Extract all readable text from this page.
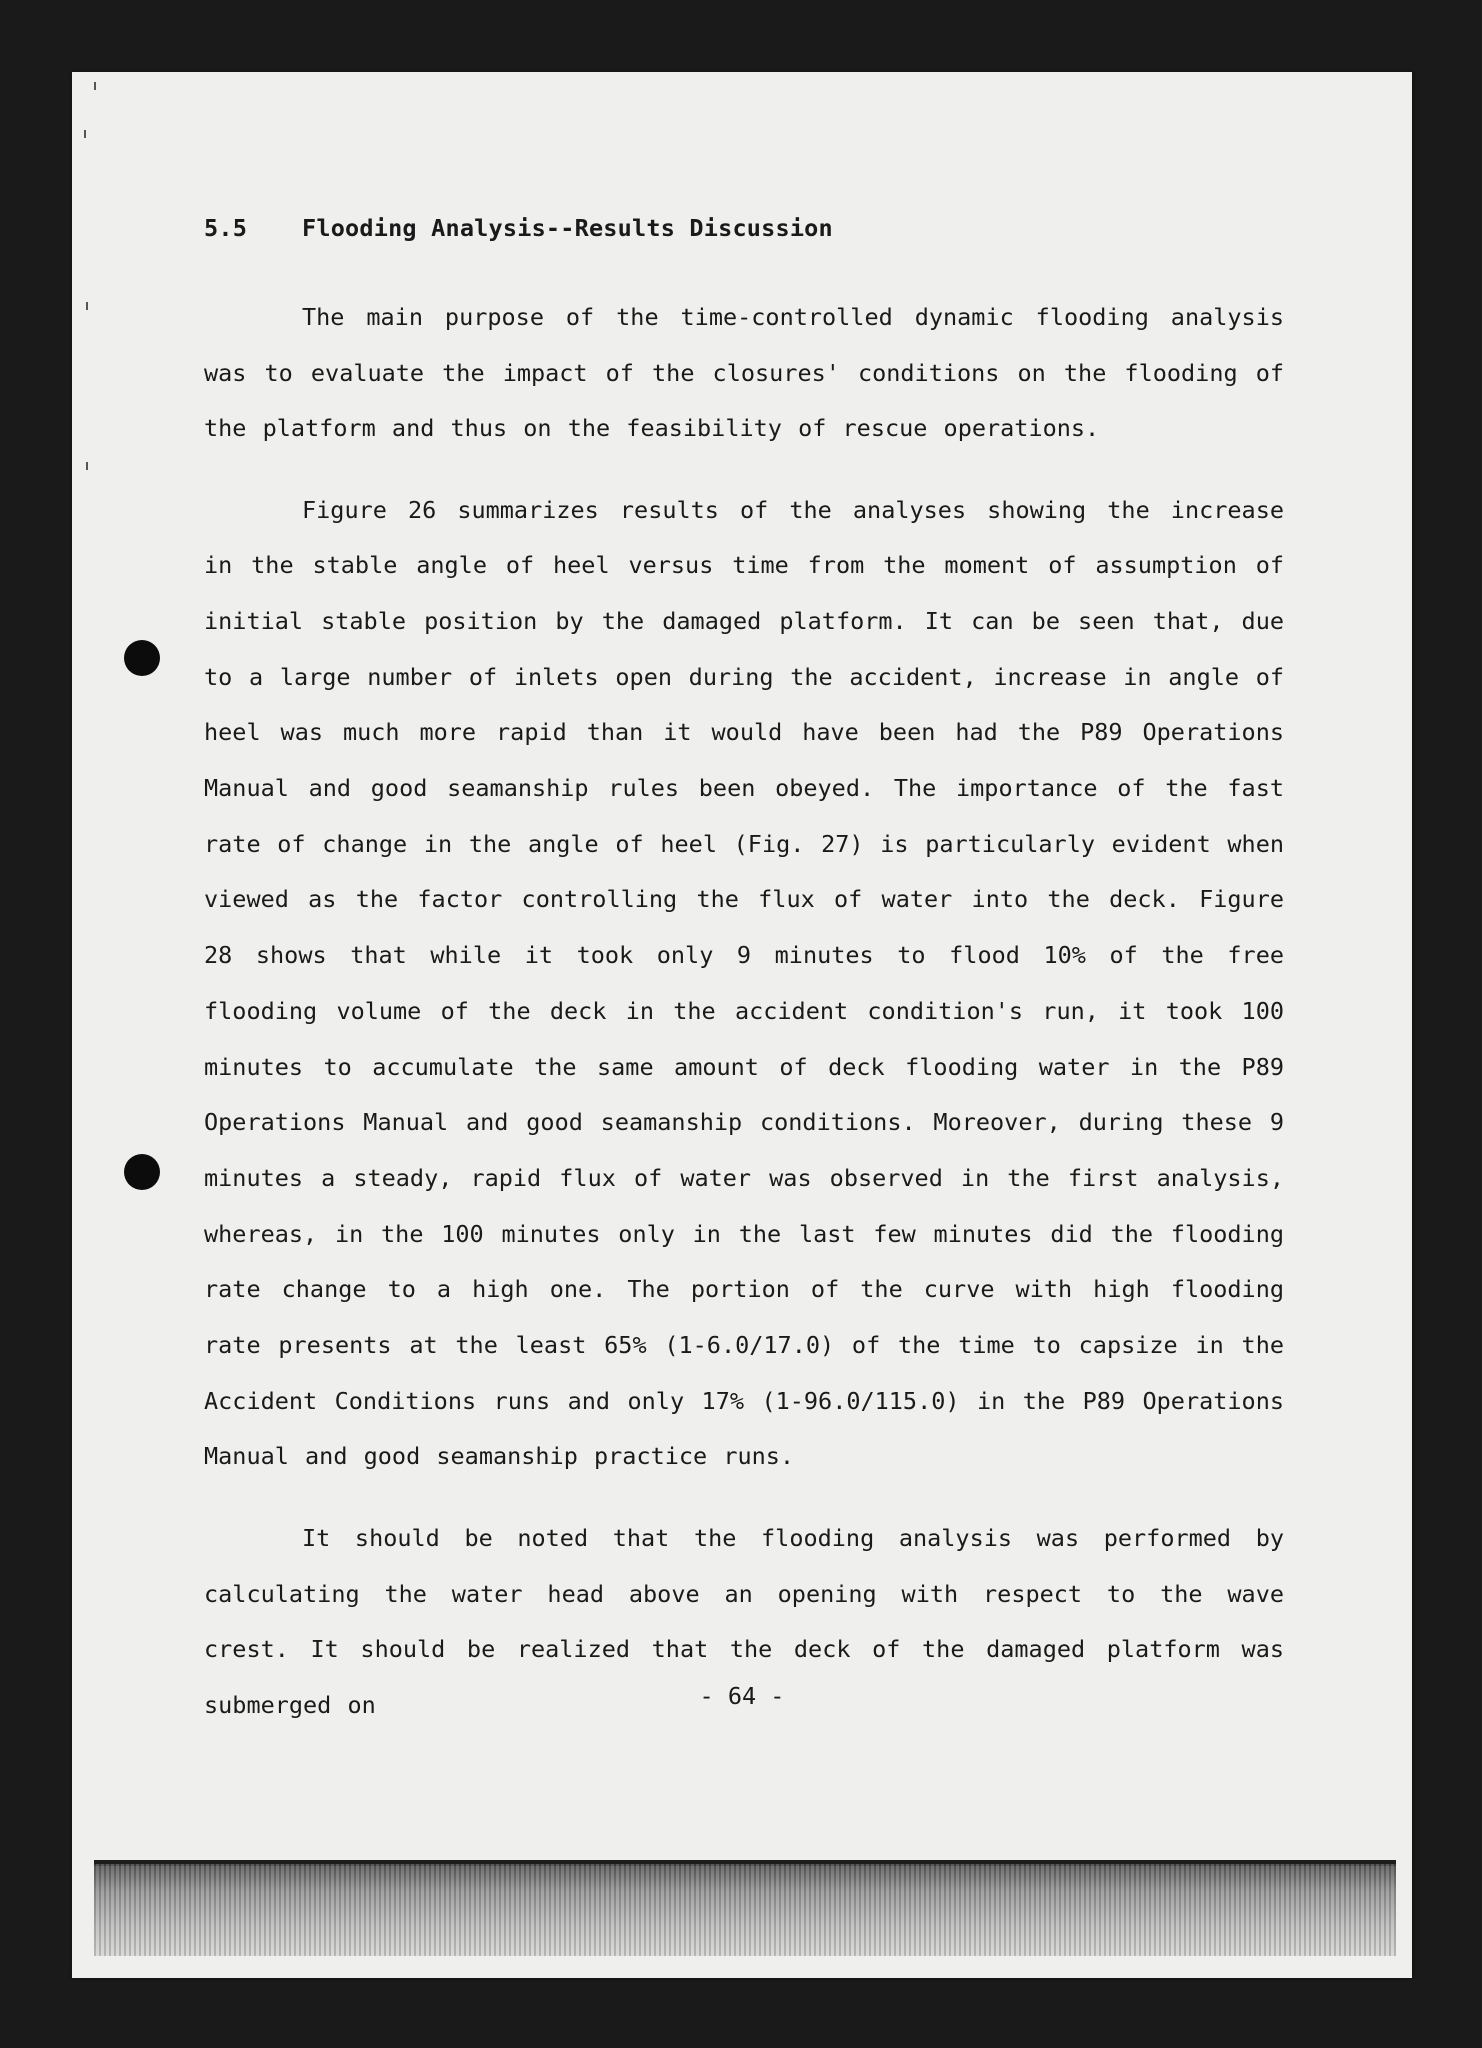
5.5	Flooding Analysis--Results Discussion

The main purpose of the time-controlled dynamic flooding analysis was to evaluate the impact of the closures' conditions on the flooding of the platform and thus on the feasibility of rescue operations.

Figure 26 summarizes results of the analyses showing the increase in the stable angle of heel versus time from the moment of assumption of initial stable position by the damaged platform. It can be seen that, due to a large number of inlets open during the accident, increase in angle of heel was much more rapid than it would have been had the P89 Operations Manual and good seamanship rules been obeyed. The importance of the fast rate of change in the angle of heel (Fig. 27) is particularly evident when viewed as the factor controlling the flux of water into the deck. Figure 28 shows that while it took only 9 minutes to flood 10% of the free flooding volume of the deck in the accident condition's run, it took 100 minutes to accumulate the same amount of deck flooding water in the P89 Operations Manual and good seamanship conditions. Moreover, during these 9 minutes a steady, rapid flux of water was observed in the first analysis, whereas, in the 100 minutes only in the last few minutes did the flooding rate change to a high one. The portion of the curve with high flooding rate presents at the least 65% (1-6.0/17.0) of the time to capsize in the Accident Conditions runs and only 17% (1-96.0/115.0) in the P89 Operations Manual and good seamanship practice runs.

It should be noted that the flooding analysis was performed by calculating the water head above an opening with respect to the wave crest. It should be realized that the deck of the damaged platform was submerged on	- 64 -
